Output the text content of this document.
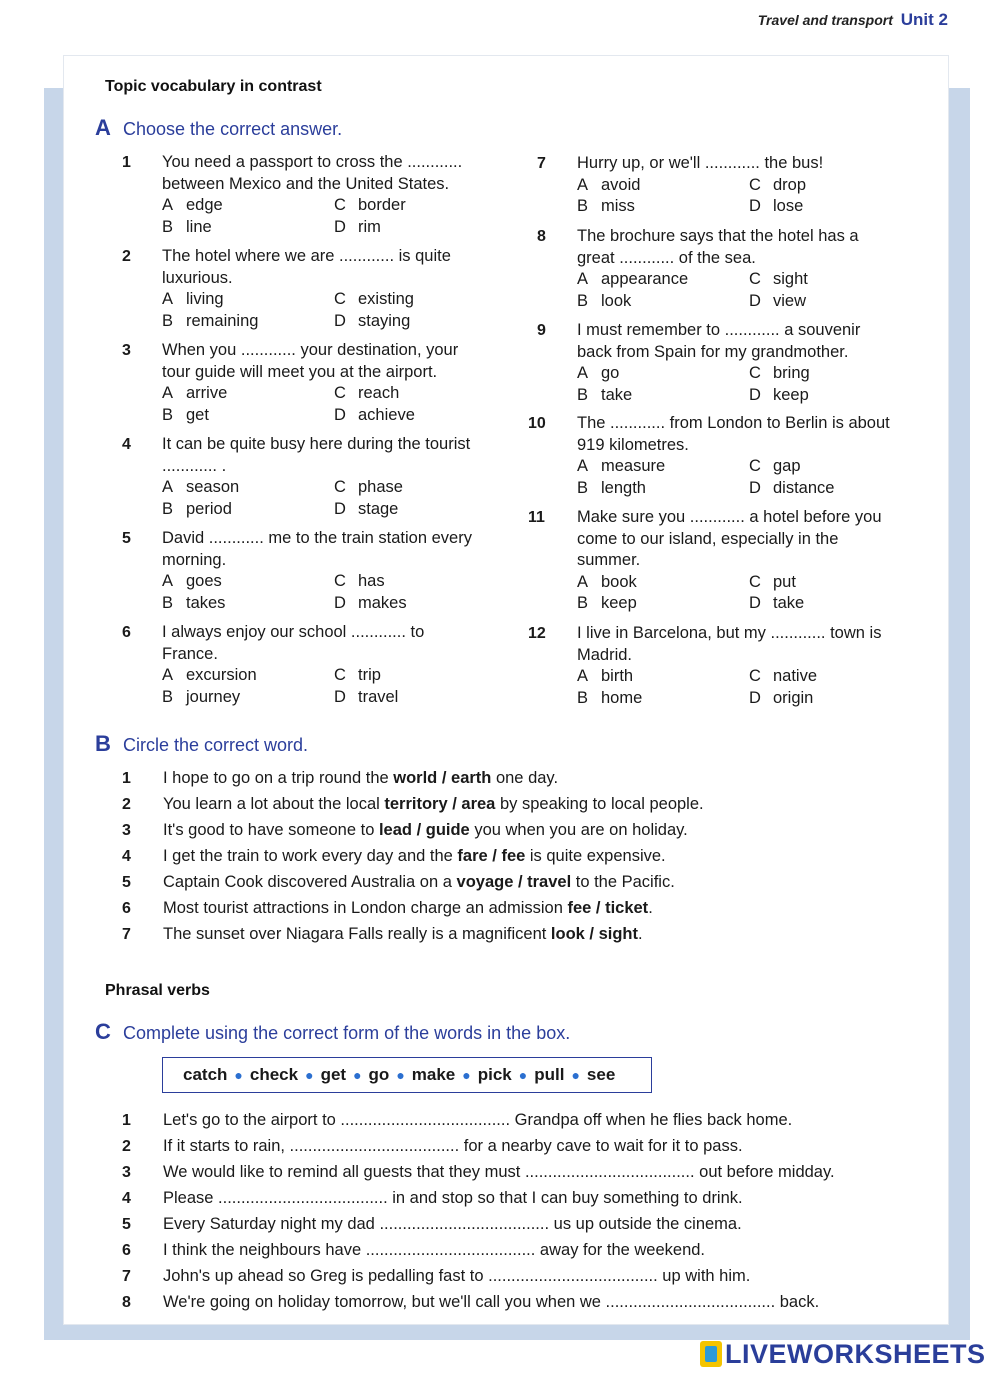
Travel and transport Unit 2
Topic vocabulary in contrast
A Choose the correct answer.
1 You need a passport to cross the ............ between Mexico and the United States.
A edge	C border
B line	D rim
2 The hotel where we are ............ is quite luxurious.
A living	C existing
B remaining	D staying
3 When you ............ your destination, your tour guide will meet you at the airport.
A arrive	C reach
B get	D achieve
4 It can be quite busy here during the tourist ............ .
A season	C phase
B period	D stage
5 David ............ me to the train station every morning.
A goes	C has
B takes	D makes
6 I always enjoy our school ............ to France.
A excursion	C trip
B journey	D travel
7 Hurry up, or we'll ............ the bus!
A avoid	C drop
B miss	D lose
8 The brochure says that the hotel has a great ............ of the sea.
A appearance	C sight
B look	D view
9 I must remember to ............ a souvenir back from Spain for my grandmother.
A go	C bring
B take	D keep
10 The ............ from London to Berlin is about 919 kilometres.
A measure	C gap
B length	D distance
11 Make sure you ............ a hotel before you come to our island, especially in the summer.
A book	C put
B keep	D take
12 I live in Barcelona, but my ............ town is Madrid.
A birth	C native
B home	D origin
B Circle the correct word.
1 I hope to go on a trip round the world / earth one day.
2 You learn a lot about the local territory / area by speaking to local people.
3 It's good to have someone to lead / guide you when you are on holiday.
4 I get the train to work every day and the fare / fee is quite expensive.
5 Captain Cook discovered Australia on a voyage / travel to the Pacific.
6 Most tourist attractions in London charge an admission fee / ticket.
7 The sunset over Niagara Falls really is a magnificent look / sight.
Phrasal verbs
C Complete using the correct form of the words in the box.
catch ● check ● get ● go ● make ● pick ● pull ● see
1 Let's go to the airport to ..................................... Grandpa off when he flies back home.
2 If it starts to rain, ..................................... for a nearby cave to wait for it to pass.
3 We would like to remind all guests that they must ..................................... out before midday.
4 Please ..................................... in and stop so that I can buy something to drink.
5 Every Saturday night my dad ..................................... us up outside the cinema.
6 I think the neighbours have ..................................... away for the weekend.
7 John's up ahead so Greg is pedalling fast to ..................................... up with him.
8 We're going on holiday tomorrow, but we'll call you when we ..................................... back.
LIVEWORKSHEETS
